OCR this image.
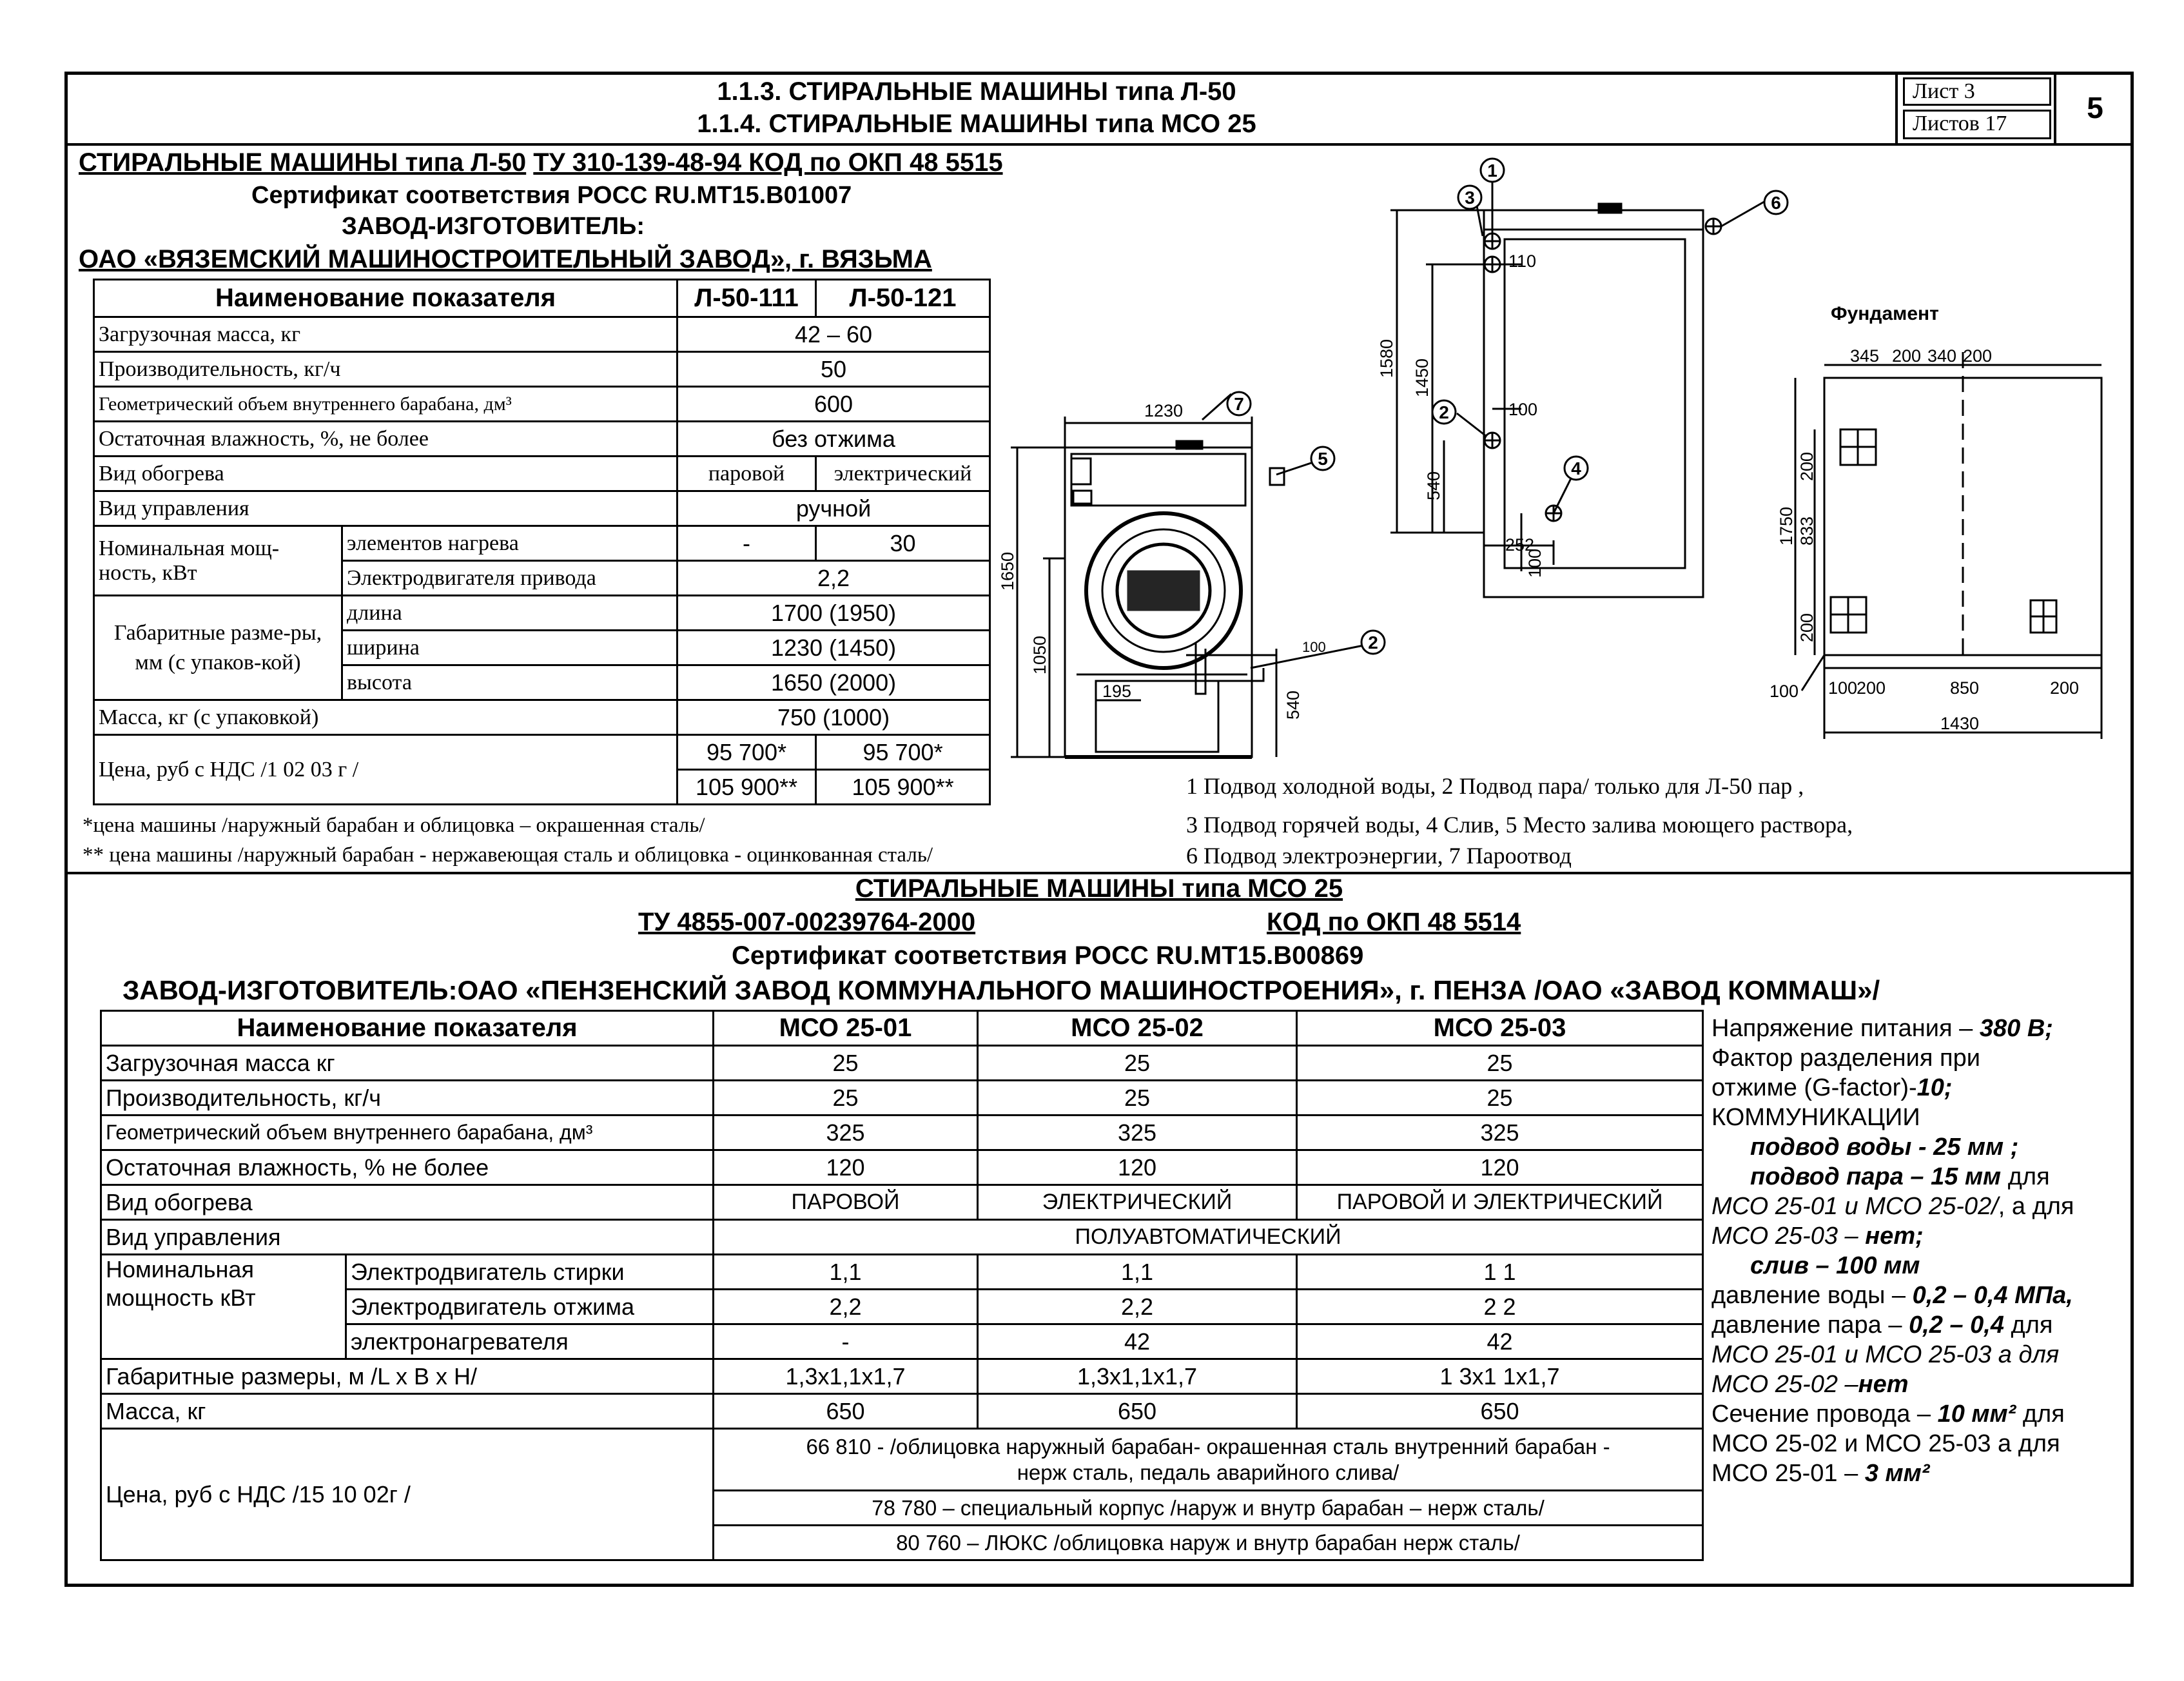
1.1.3. СТИРАЛЬНЫЕ МАШИНЫ типа Л-50
1.1.4. СТИРАЛЬНЫЕ МАШИНЫ типа МСО 25
Лист 3
Листов 17	5
СТИРАЛЬНЫЕ МАШИНЫ типа Л-50 ТУ 310-139-48-94 КОД по ОКП 48 5515
Сертификат соответствия РОСС RU.MT15.B01007
ЗАВОД-ИЗГОТОВИТЕЛЬ:
ОАО «ВЯЗЕМСКИЙ МАШИНОСТРОИТЕЛЬНЫЙ ЗАВОД», г. ВЯЗЬМА
Наименование показателя		Л-50-111	Л-50-121
Загрузочная масса, кг		42 – 60	
Производительность, кг/ч		50	
Геометрический объем внутреннего барабана, дм³		600	
Остаточная влажность, %, не более		без отжима	
Вид обогрева		паровой	электрический
Вид управления		ручной	
Номинальная мощ-ность, кВт	элементов нагрева	-	30
	Электродвигателя привода	2,2	
Габаритные разме-ры, мм (с упаков-кой)	длина	1700 (1950)	
	ширина	1230 (1450)	
	высота	1650 (2000)	
Масса, кг (с упаковкой)		750 (1000)	
Цена, руб с НДС /1 02 03 г /		95 700*	95 700*
		105 900**	105 900**
*цена машины /наружный барабан и облицовка – окрашенная сталь/
** цена машины /наружный барабан - нержавеющая сталь и облицовка - оцинкованная сталь/
1230
1650
1050
195
100
540
1580 1450
110
100
540
252
100
Фундамент
345 200 340 200
200
1750 833
200
100 100
200	850	200
1430
1
3	6
7	2
5	4
2
1 Подвод холодной воды, 2 Подвод пара/ только для Л-50 пар ,
3 Подвод горячей воды, 4 Слив, 5 Место залива моющего раствора,
6 Подвод электроэнергии, 7 Пароотвод
СТИРАЛЬНЫЕ МАШИНЫ типа МСО 25
ТУ 4855-007-00239764-2000	КОД по ОКП 48 5514
Сертификат соответствия РОСС RU.MT15.B00869
ЗАВОД-ИЗГОТОВИТЕЛЬ:ОАО «ПЕНЗЕНСКИЙ ЗАВОД КОММУНАЛЬНОГО МАШИНОСТРОЕНИЯ», г. ПЕНЗА /ОАО «ЗАВОД КОММАШ»/
Наименование показателя		МСО 25-01	МСО 25-02	МСО 25-03
Загрузочная масса кг		25	25	25
Производительность, кг/ч		25	25	25
Геометрический объем внутреннего барабана, дм³		325	325	325
Остаточная влажность, % не более		120	120	120
Вид обогрева		ПАРОВОЙ	ЭЛЕКТРИЧЕСКИЙ	ПАРОВОЙ И ЭЛЕКТРИЧЕСКИЙ
Вид управления		ПОЛУАВТОМАТИЧЕСКИЙ		
Номинальная мощность кВт	Электродвигатель стирки	1,1	1,1	1 1
	Электродвигатель отжима	2,2	2,2	2 2
	электронагревателя	-	42	42
Габаритные размеры, м /L x B x H/		1,3x1,1x1,7	1,3x1,1x1,7	1 3x1 1x1,7
Масса, кг		650	650	650
Цена, руб с НДС /15 10 02г /		66 810 - /облицовка наружный барабан- окрашенная сталь внутренний барабан -
нерж сталь, педаль аварийного слива/		

		78 780 – специальный корпус /наруж и внутр барабан – нерж сталь/		
		80 760 – ЛЮКС /облицовка наруж и внутр барабан нерж сталь/		
Напряжение питания – 380 В;
Фактор разделения при
отжиме (G-factor)-10;
КОММУНИКАЦИИ
подвод воды - 25 мм ;
подвод пара – 15 мм для
МСО 25-01 и МСО 25-02/, а для
МСО 25-03 – нет;
слив – 100 мм
давление воды – 0,2 – 0,4 МПа,
давление пара – 0,2 – 0,4 для
МСО 25-01 и МСО 25-03 а для
МСО 25-02 –нет
Сечение провода – 10 мм² для
МСО 25-02 и МСО 25-03 а для
МСО 25-01 – 3 мм²
